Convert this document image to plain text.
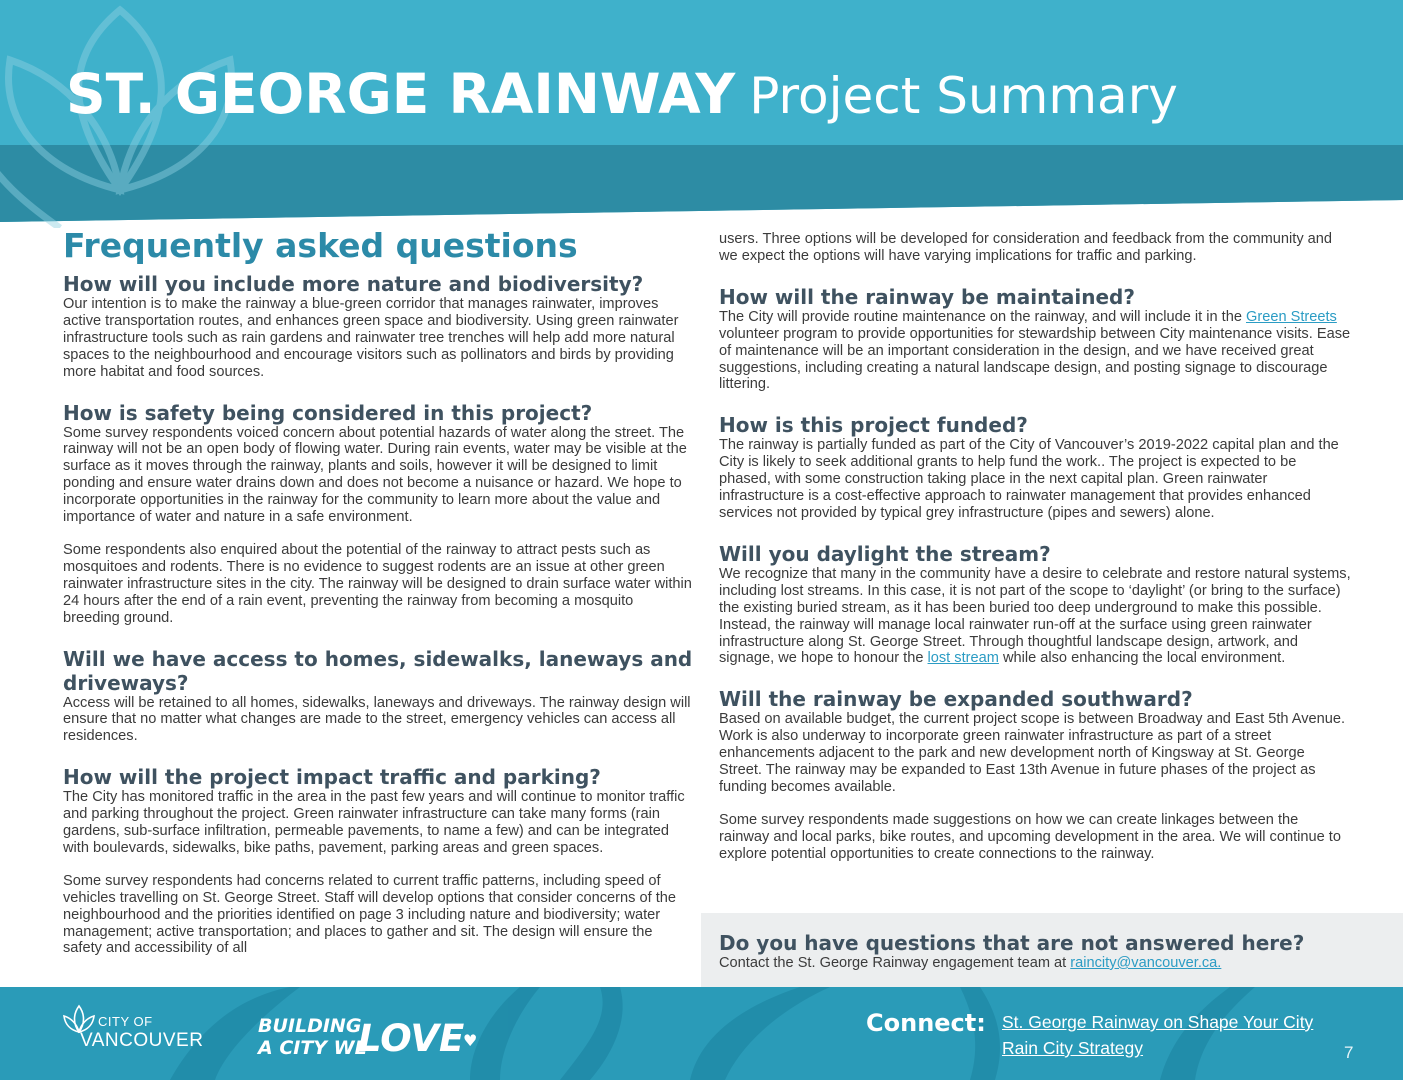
ST. GEORGE RAINWAY Project Summary
Frequently asked questions
How will you include more nature and biodiversity?

Our intention is to make the rainway a blue-green corridor that manages rainwater, improves active transportation routes, and enhances green space and biodiversity. Using green rainwater infrastructure tools such as rain gardens and rainwater tree trenches will help add more natural spaces to the neighbourhood and encourage visitors such as pollinators and birds by providing more habitat and food sources.

How is safety being considered in this project?

Some survey respondents voiced concern about potential hazards of water along the street. The rainway will not be an open body of flowing water. During rain events, water may be visible at the surface as it moves through the rainway, plants and soils, however it will be designed to limit ponding and ensure water drains down and does not become a nuisance or hazard. We hope to incorporate opportunities in the rainway for the community to learn more about the value and importance of water and nature in a safe environment.

Some respondents also enquired about the potential of the rainway to attract pests such as mosquitoes and rodents. There is no evidence to suggest rodents are an issue at other green rainwater infrastructure sites in the city. The rainway will be designed to drain surface water within 24 hours after the end of a rain event, preventing the rainway from becoming a mosquito breeding ground.

Will we have access to homes, sidewalks, laneways and driveways?

Access will be retained to all homes, sidewalks, laneways and driveways. The rainway design will ensure that no matter what changes are made to the street, emergency vehicles can access all residences.

How will the project impact traffic and parking?

The City has monitored traffic in the area in the past few years and will continue to monitor traffic and parking throughout the project. Green rainwater infrastructure can take many forms (rain gardens, sub-surface infiltration, permeable pavements, to name a few) and can be integrated with boulevards, sidewalks, bike paths, pavement, parking areas and green spaces.

Some survey respondents had concerns related to current traffic patterns, including speed of vehicles travelling on St. George Street. Staff will develop options that consider concerns of the neighbourhood and the priorities identified on page 3 including nature and biodiversity; water management; active transportation; and places to gather and sit. The design will ensure the safety and accessibility of all

users. Three options will be developed for consideration and feedback from the community and we expect the options will have varying implications for traffic and parking.

How will the rainway be maintained?

The City will provide routine maintenance on the rainway, and will include it in the Green Streets volunteer program to provide opportunities for stewardship between City maintenance visits. Ease of maintenance will be an important consideration in the design, and we have received great suggestions, including creating a natural landscape design, and posting signage to discourage littering.

How is this project funded?

The rainway is partially funded as part of the City of Vancouver’s 2019-2022 capital plan and the City is likely to seek additional grants to help fund the work.. The project is expected to be phased, with some construction taking place in the next capital plan. Green rainwater infrastructure is a cost-effective approach to rainwater management that provides enhanced services not provided by typical grey infrastructure (pipes and sewers) alone.

Will you daylight the stream?

We recognize that many in the community have a desire to celebrate and restore natural systems, including lost streams. In this case, it is not part of the scope to ‘daylight’ (or bring to the surface) the existing buried stream, as it has been buried too deep underground to make this possible. Instead, the rainway will manage local rainwater run-off at the surface using green rainwater infrastructure along St. George Street. Through thoughtful landscape design, artwork, and signage, we hope to honour the lost stream while also enhancing the local environment.

Will the rainway be expanded southward?

Based on available budget, the current project scope is between Broadway and East 5th Avenue. Work is also underway to incorporate green rainwater infrastructure as part of a street enhancements adjacent to the park and new development north of Kingsway at St. George Street. The rainway may be expanded to East 13th Avenue in future phases of the project as funding becomes available.

Some survey respondents made suggestions on how we can create linkages between the rainway and local parks, bike routes, and upcoming development in the area. We will continue to explore potential opportunities to create connections to the rainway.

Do you have questions that are not answered here?

Contact the St. George Rainway engagement team at raincity@vancouver.ca.

CITY OF
VANCOUVER
BUILDING
A CITY WE
LOVE
♥
Connect: St. George Rainway on Shape Your City
Rain City Strategy	7
